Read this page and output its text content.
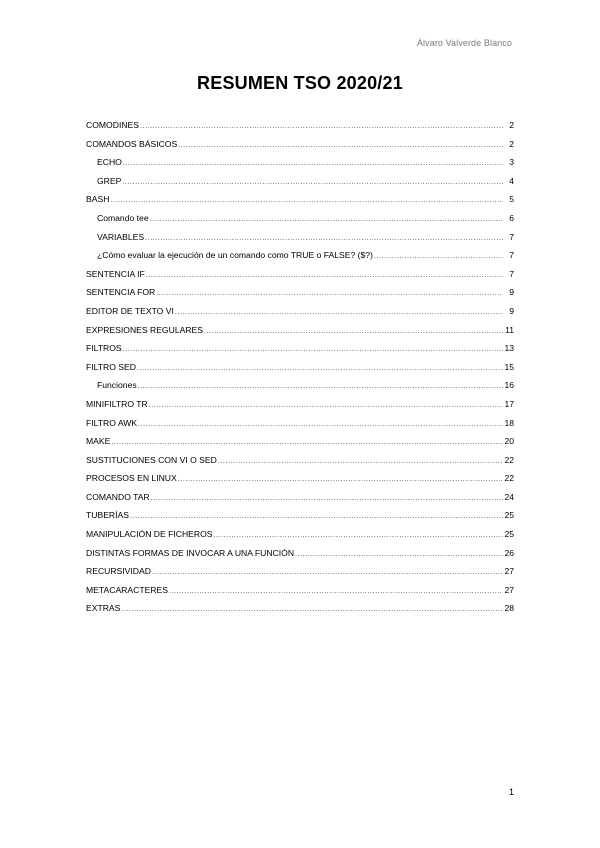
Álvaro Valverde Blanco
RESUMEN TSO 2020/21
COMODINES .....	2
COMANDOS BÁSICOS .....	2
ECHO .....	3
GREP .....	4
BASH .....	5
Comando tee .....	6
VARIABLES .....	7
¿Cómo evaluar la ejecución de un comando como TRUE o FALSE? ($?) .....	7
SENTENCIA IF .....	7
SENTENCIA FOR .....	9
EDITOR DE TEXTO VI .....	9
EXPRESIONES REGULARES .....	11
FILTROS .....	13
FILTRO SED .....	15
Funciones .....	16
MINIFILTRO TR .....	17
FILTRO AWK .....	18
MAKE .....	20
SUSTITUCIONES CON VI O SED .....	22
PROCESOS EN LINUX .....	22
COMANDO TAR .....	24
TUBERÍAS .....	25
MANIPULACIÓN DE FICHEROS .....	25
DISTINTAS FORMAS DE INVOCAR A UNA FUNCIÓN .....	26
RECURSIVIDAD .....	27
METACARACTERES .....	27
EXTRAS .....	28
1
